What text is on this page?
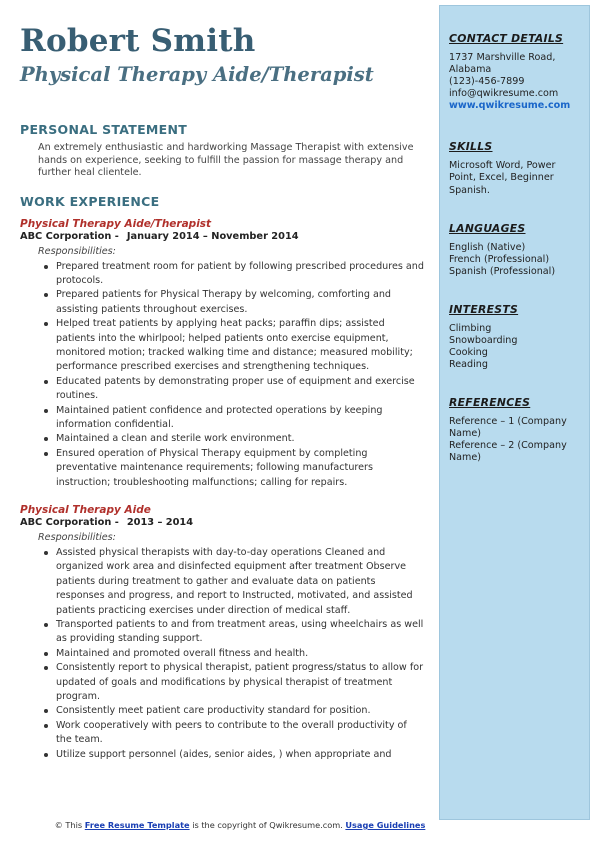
Robert Smith
Physical Therapy Aide/Therapist
PERSONAL STATEMENT
An extremely enthusiastic and hardworking Massage Therapist with extensive hands on experience, seeking to fulfill the passion for massage therapy and further heal clientele.
WORK EXPERIENCE
Physical Therapy Aide/Therapist
ABC Corporation - January 2014 – November 2014
Responsibilities:
Prepared treatment room for patient by following prescribed procedures and protocols.
Prepared patients for Physical Therapy by welcoming, comforting and assisting patients throughout exercises.
Helped treat patients by applying heat packs; paraffin dips; assisted patients into the whirlpool; helped patients onto exercise equipment, monitored motion; tracked walking time and distance; measured mobility; performance prescribed exercises and strengthening techniques.
Educated patents by demonstrating proper use of equipment and exercise routines.
Maintained patient confidence and protected operations by keeping information confidential.
Maintained a clean and sterile work environment.
Ensured operation of Physical Therapy equipment by completing preventative maintenance requirements; following manufacturers instruction; troubleshooting malfunctions; calling for repairs.
Physical Therapy Aide
ABC Corporation - 2013 – 2014
Responsibilities:
Assisted physical therapists with day-to-day operations Cleaned and organized work area and disinfected equipment after treatment Observe patients during treatment to gather and evaluate data on patients responses and progress, and report to Instructed, motivated, and assisted patients practicing exercises under direction of medical staff.
Transported patients to and from treatment areas, using wheelchairs as well as providing standing support.
Maintained and promoted overall fitness and health.
Consistently report to physical therapist, patient progress/status to allow for updated of goals and modifications by physical therapist of treatment program.
Consistently meet patient care productivity standard for position.
Work cooperatively with peers to contribute to the overall productivity of the team.
Utilize support personnel (aides, senior aides, ) when appropriate and
CONTACT DETAILS
1737 Marshville Road, Alabama
(123)-456-7899
info@qwikresume.com
www.qwikresume.com
SKILLS
Microsoft Word, Power Point, Excel, Beginner Spanish.
LANGUAGES
English (Native)
French (Professional)
Spanish (Professional)
INTERESTS
Climbing
Snowboarding
Cooking
Reading
REFERENCES
Reference – 1 (Company Name)
Reference – 2 (Company Name)
© This Free Resume Template is the copyright of Qwikresume.com. Usage Guidelines
